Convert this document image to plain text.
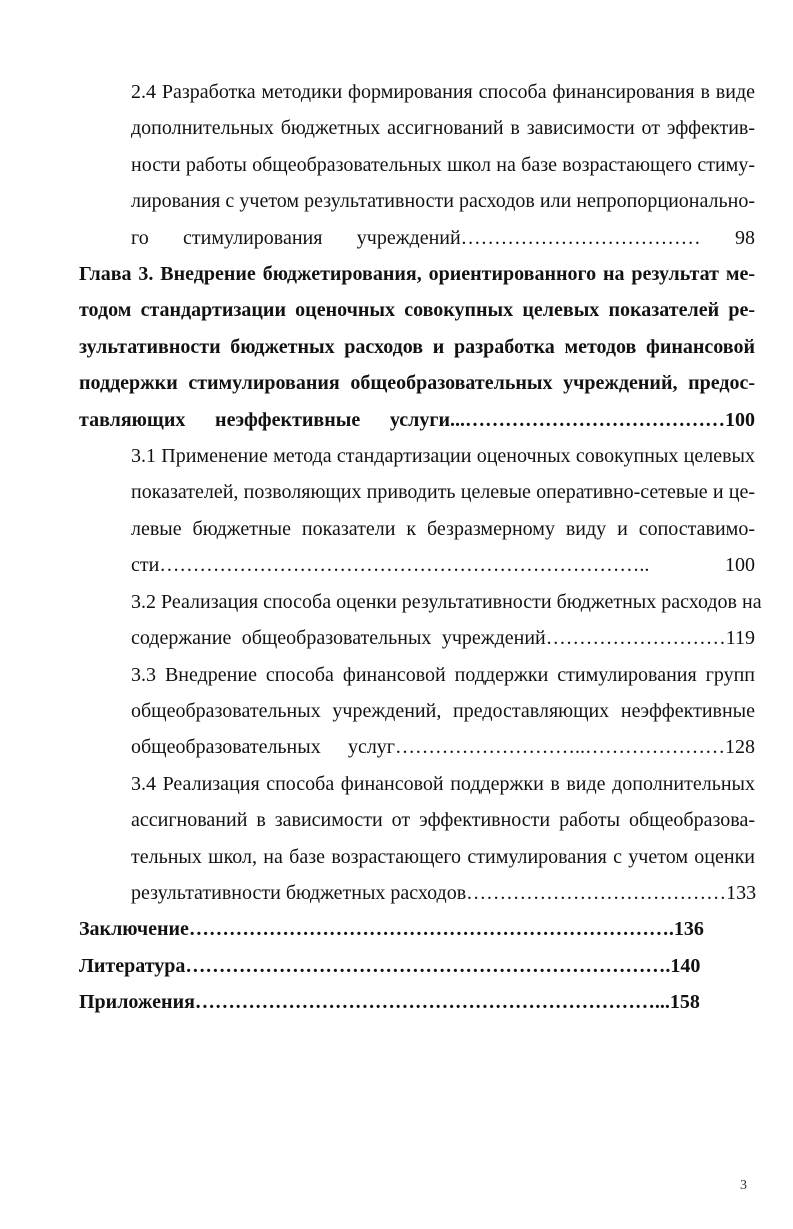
2.4 Разработка методики формирования способа финансирования в виде
дополнительных бюджетных ассигнований в зависимости от эффектив-
ности работы общеобразовательных школ на базе возрастающего стиму-
лирования с учетом результативности расходов или непропорционально-
го стимулирования учреждений……………………………… 98
Глава 3. Внедрение бюджетирования, ориентированного на результат ме-
тодом стандартизации оценочных совокупных целевых показателей ре-
зультативности бюджетных расходов и разработка методов финансовой
поддержки стимулирования общеобразовательных учреждений, предос-
тавляющих неэффективные услуги...…………………………………100
3.1 Применение метода стандартизации оценочных совокупных целевых
показателей, позволяющих приводить целевые оперативно-сетевые и це-
левые бюджетные показатели к безразмерному виду и сопоставимо-
сти……………………………………………………………….. 100
3.2 Реализация способа оценки результативности бюджетных расходов на
содержание общеобразовательных учреждений………………………119
3.3 Внедрение способа финансовой поддержки стимулирования групп
общеобразовательных учреждений, предоставляющих неэффективные
общеобразовательных услуг………………………..…………………128
3.4 Реализация способа финансовой поддержки в виде дополнительных
ассигнований в зависимости от эффективности работы общеобразова-
тельных школ, на базе возрастающего стимулирования с учетом оценки
результативности бюджетных расходов…………………………………133
Заключение……………………………………………………………….136
Литература……………………………………………………………….140
Приложения……………………………………………………………...158
3
